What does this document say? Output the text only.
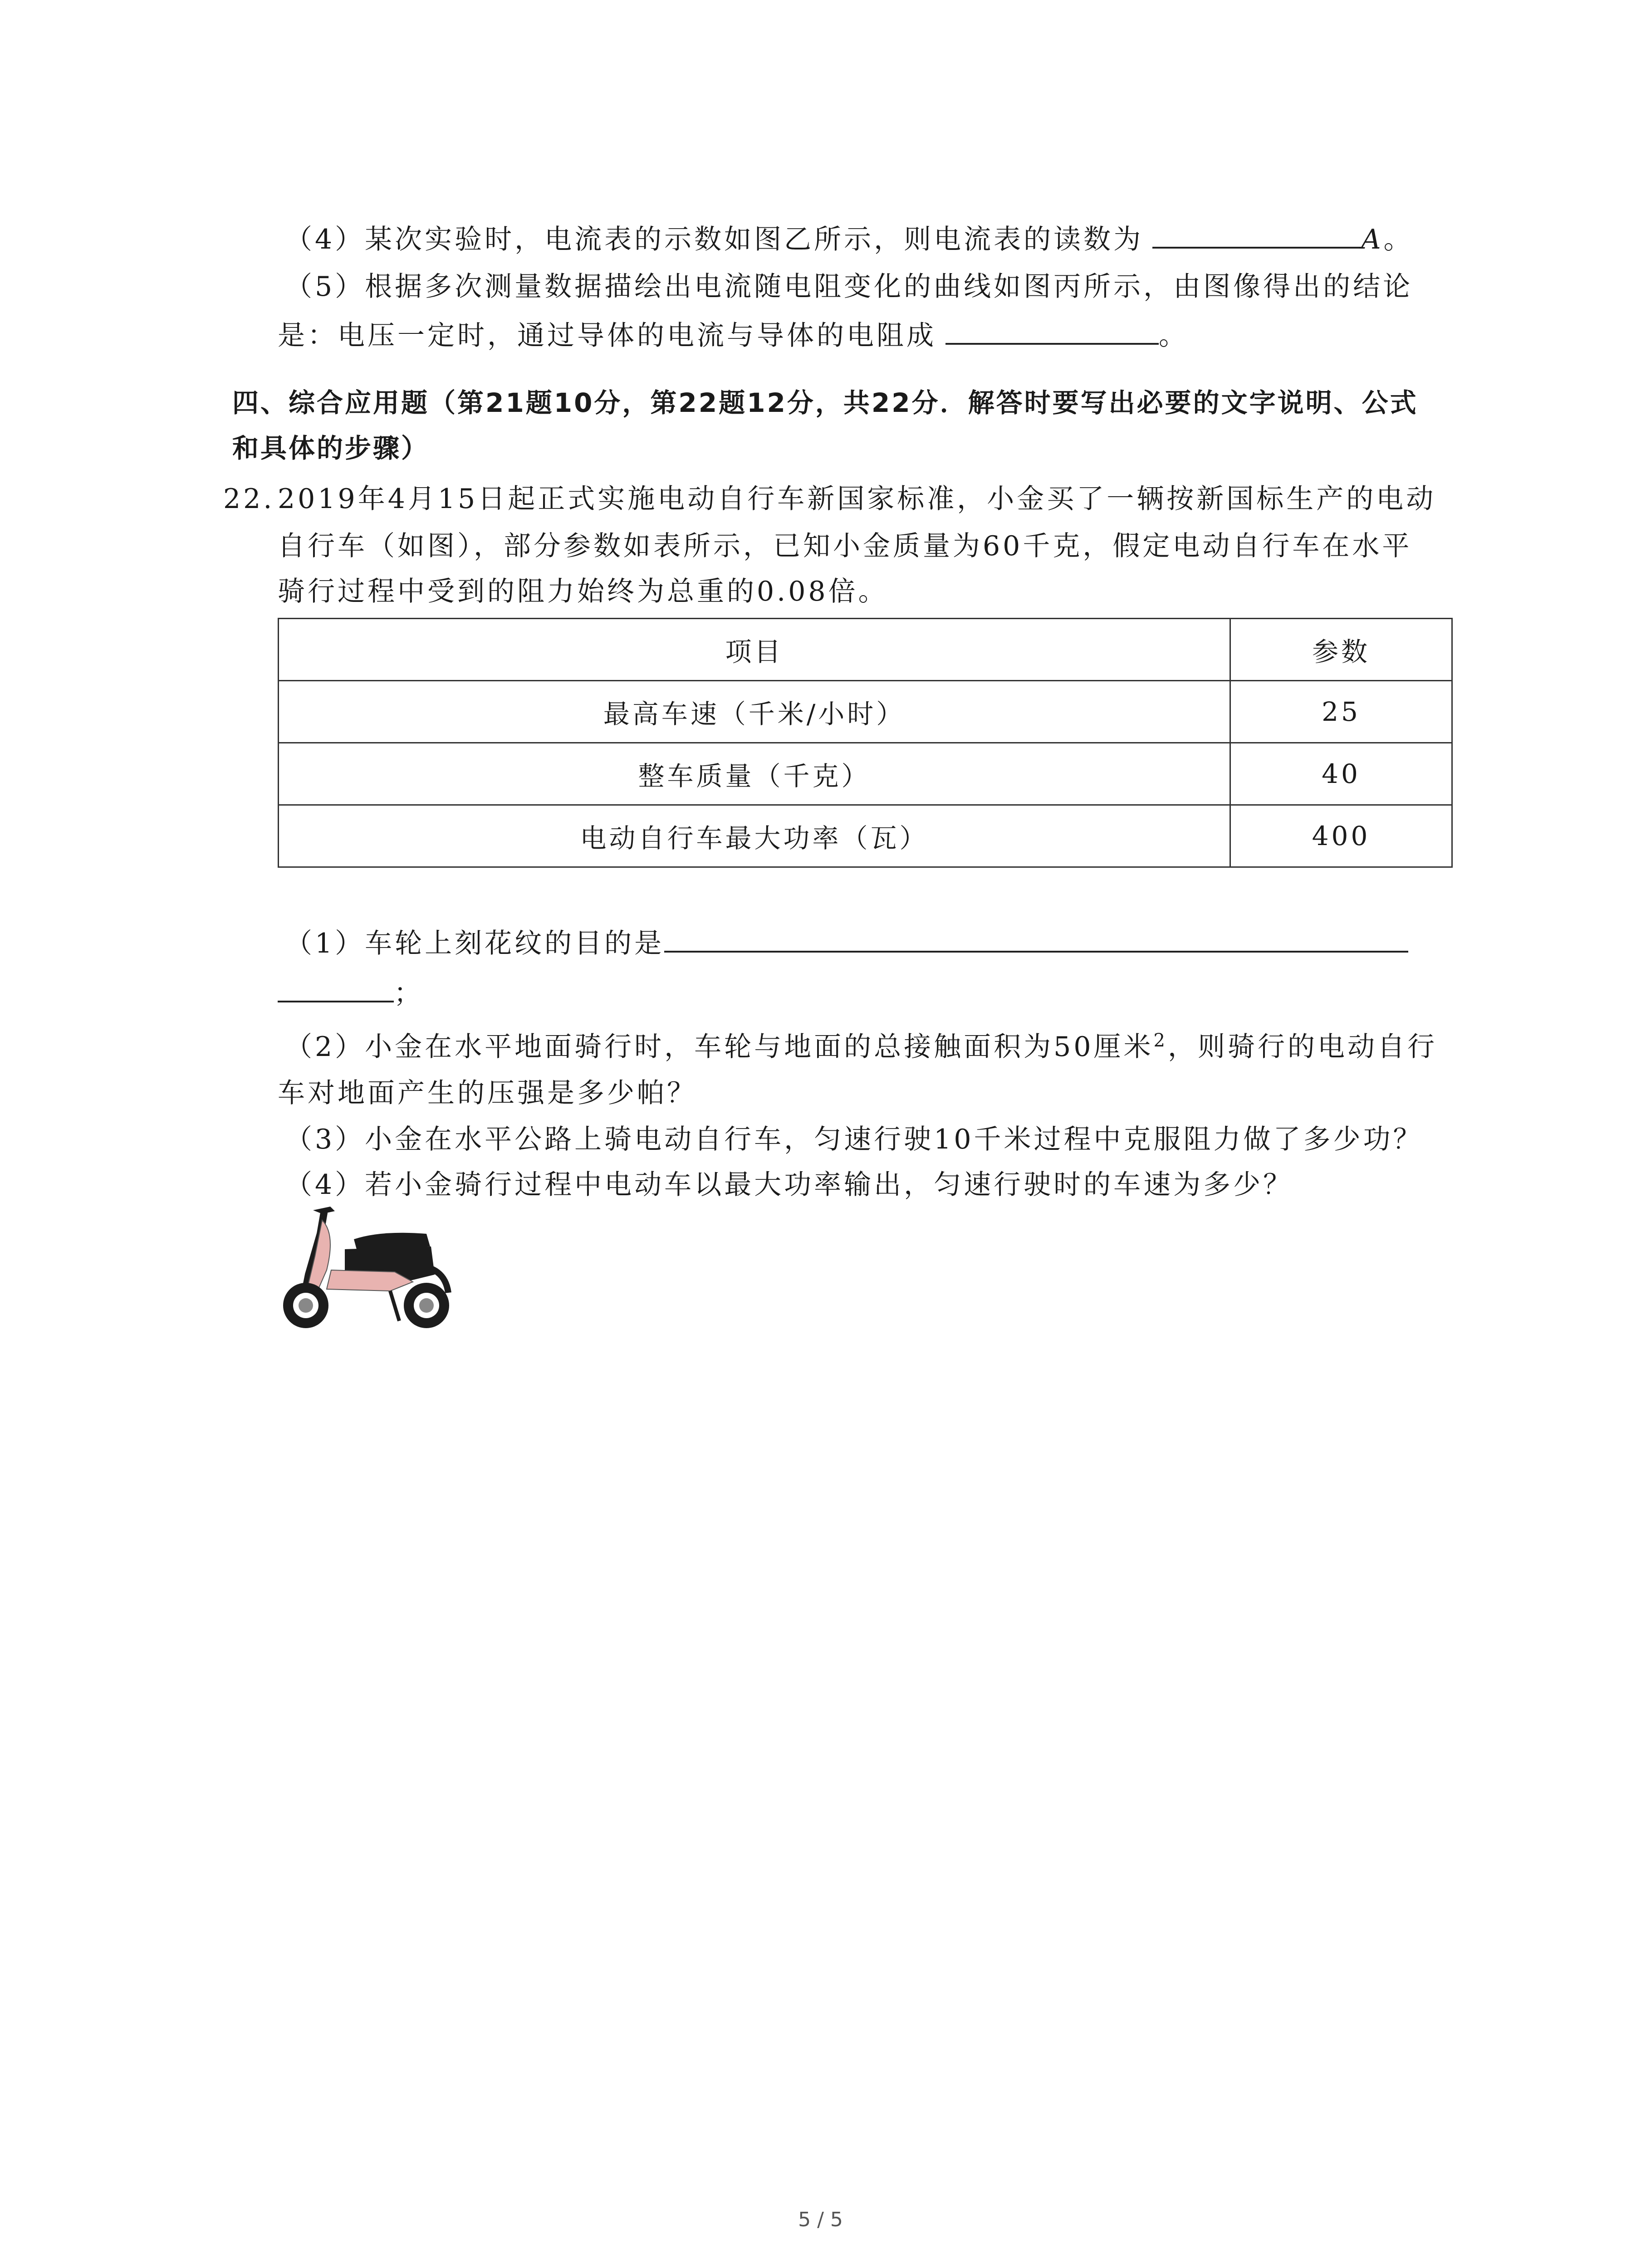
（4）某次实验时，电流表的示数如图乙所示，则电流表的读数为	A。
（5）根据多次测量数据描绘出电流随电阻变化的曲线如图丙所示，由图像得出的结论
是：电压一定时，通过导体的电流与导体的电阻成	。
四、综合应用题（第21题10分，第22题12分，共22分．解答时要写出必要的文字说明、公式
和具体的步骤）
22. 2019年4月15日起正式实施电动自行车新国家标准，小金买了一辆按新国标生产的电动
自行车（如图），部分参数如表所示，已知小金质量为60千克，假定电动自行车在水平
骑行过程中受到的阻力始终为总重的0.08倍。
项目	参数
最高车速（千米/小时）	25
整车质量（千克）	40
电动自行车最大功率（瓦）	400
（1）车轮上刻花纹的目的是
；
（2）小金在水平地面骑行时，车轮与地面的总接触面积为50厘米$^2$，则骑行的电动自行
车对地面产生的压强是多少帕？
（3）小金在水平公路上骑电动自行车，匀速行驶10千米过程中克服阻力做了多少功？
（4）若小金骑行过程中电动车以最大功率输出，匀速行驶时的车速为多少？
5 / 5
